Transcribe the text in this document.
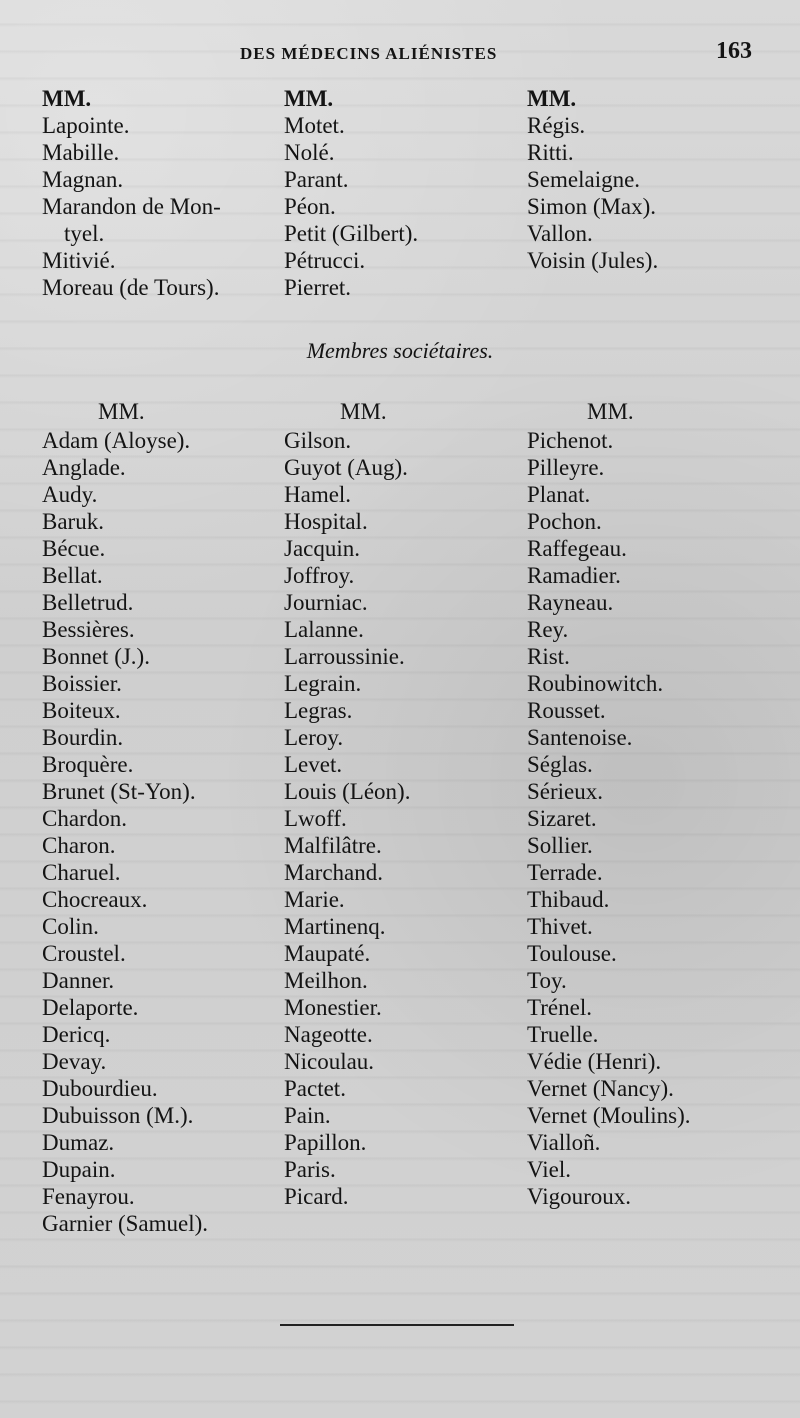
DES MÉDECINS ALIÉNISTES	163
MM.
Lapointe.
Mabille.
Magnan.
Marandon de Mon-
tyel.
Mitivié.
Moreau (de Tours).
MM.
Motet.
Nolé.
Parant.
Péon.
Petit (Gilbert).
Pétrucci.
Pierret.
MM.
Régis.
Ritti.
Semelaigne.
Simon (Max).
Vallon.
Voisin (Jules).
Membres sociétaires.
MM.
Adam (Aloyse).
Anglade.
Audy.
Baruk.
Bécue.
Bellat.
Belletrud.
Bessières.
Bonnet (J.).
Boissier.
Boiteux.
Bourdin.
Broquère.
Brunet (St-Yon).
Chardon.
Charon.
Charuel.
Chocreaux.
Colin.
Croustel.
Danner.
Delaporte.
Dericq.
Devay.
Dubourdieu.
Dubuisson (M.).
Dumaz.
Dupain.
Fenayrou.
Garnier (Samuel).
MM.
Gilson.
Guyot (Aug).
Hamel.
Hospital.
Jacquin.
Joffroy.
Journiac.
Lalanne.
Larroussinie.
Legrain.
Legras.
Leroy.
Levet.
Louis (Léon).
Lwoff.
Malfilâtre.
Marchand.
Marie.
Martinenq.
Maupaté.
Meilhon.
Monestier.
Nageotte.
Nicoulau.
Pactet.
Pain.
Papillon.
Paris.
Picard.
MM.
Pichenot.
Pilleyre.
Planat.
Pochon.
Raffegeau.
Ramadier.
Rayneau.
Rey.
Rist.
Roubinowitch.
Rousset.
Santenoise.
Séglas.
Sérieux.
Sizaret.
Sollier.
Terrade.
Thibaud.
Thivet.
Toulouse.
Toy.
Trénel.
Truelle.
Védie (Henri).
Vernet (Nancy).
Vernet (Moulins).
Vialloñ.
Viel.
Vigouroux.
